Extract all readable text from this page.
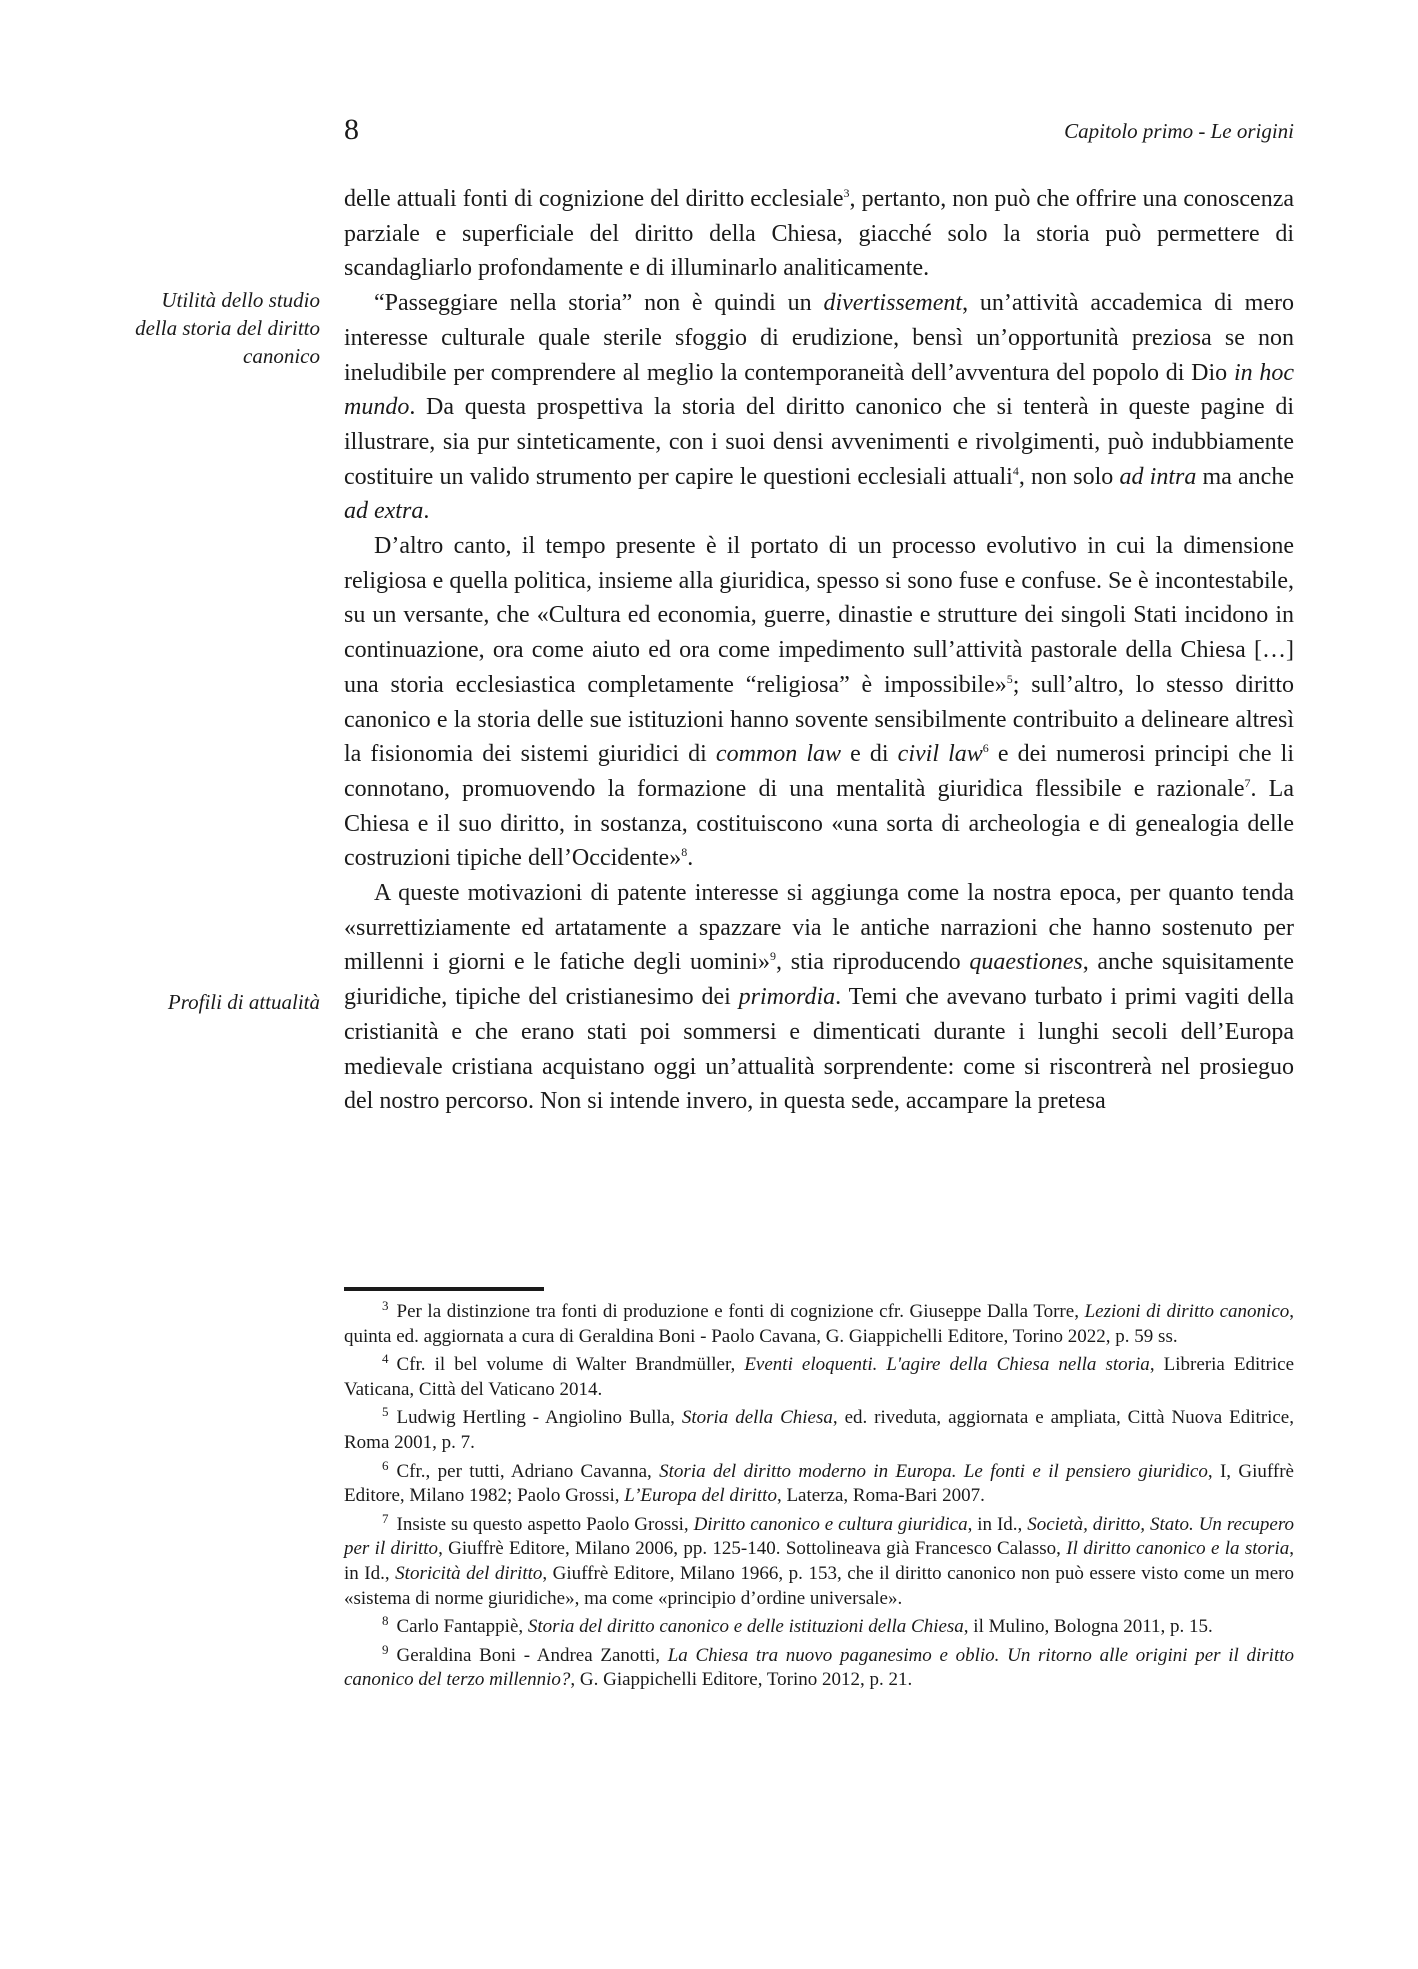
8	Capitolo primo - Le origini
Utilità dello studio
della storia del diritto
canonico
Profili di attualità

delle attuali fonti di cognizione del diritto ecclesiale$^3$, pertanto, non può che offrire una conoscenza parziale e superficiale del diritto della Chiesa, giacché solo la storia può permettere di scandagliarlo profondamente e di illuminarlo analiticamente.

“Passeggiare nella storia” non è quindi un divertissement, un’attività accademica di mero interesse culturale quale sterile sfoggio di erudizione, bensì un’opportunità preziosa se non ineludibile per comprendere al meglio la contemporaneità dell’avventura del popolo di Dio in hoc mundo. Da questa prospettiva la storia del diritto canonico che si tenterà in queste pagine di illustrare, sia pur sinteticamente, con i suoi densi avvenimenti e rivolgimenti, può indubbiamente costituire un valido strumento per capire le questioni ecclesiali attuali$^4$, non solo ad intra ma anche ad extra.

D’altro canto, il tempo presente è il portato di un processo evolutivo in cui la dimensione religiosa e quella politica, insieme alla giuridica, spesso si sono fuse e confuse. Se è incontestabile, su un versante, che «Cultura ed economia, guerre, dinastie e strutture dei singoli Stati incidono in continuazione, ora come aiuto ed ora come impedimento sull’attività pastorale della Chiesa […] una storia ecclesiastica completamente “religiosa” è impossibile»$^5$; sull’altro, lo stesso diritto canonico e la storia delle sue istituzioni hanno sovente sensibilmente contribuito a delineare altresì la fisionomia dei sistemi giuridici di common law e di civil law$^6$ e dei numerosi principi che li connotano, promuovendo la formazione di una mentalità giuridica flessibile e razionale$^7$. La Chiesa e il suo diritto, in sostanza, costituiscono «una sorta di archeologia e di genealogia delle costruzioni tipiche dell’Occidente»$^8$.

A queste motivazioni di patente interesse si aggiunga come la nostra epoca, per quanto tenda «surrettiziamente ed artatamente a spazzare via le antiche narrazioni che hanno sostenuto per millenni i giorni e le fatiche degli uomini»$^9$, stia riproducendo quaestiones, anche squisitamente giuridiche, tipiche del cristianesimo dei primordia. Temi che avevano turbato i primi vagiti della cristianità e che erano stati poi sommersi e dimenticati durante i lunghi secoli dell’Europa medievale cristiana acquistano oggi un’attualità sorprendente: come si riscontrerà nel prosieguo del nostro percorso. Non si intende invero, in questa sede, accampare la pretesa

$^3$ Per la distinzione tra fonti di produzione e fonti di cognizione cfr. Giuseppe Dalla Torre, Lezioni di diritto canonico, quinta ed. aggiornata a cura di Geraldina Boni - Paolo Cavana, G. Giappichelli Editore, Torino 2022, p. 59 ss.

$^4$ Cfr. il bel volume di Walter Brandmüller, Eventi eloquenti. L'agire della Chiesa nella storia, Libreria Editrice Vaticana, Città del Vaticano 2014.

$^5$ Ludwig Hertling - Angiolino Bulla, Storia della Chiesa, ed. riveduta, aggiornata e ampliata, Città Nuova Editrice, Roma 2001, p. 7.

$^6$ Cfr., per tutti, Adriano Cavanna, Storia del diritto moderno in Europa. Le fonti e il pensiero giuridico, I, Giuffrè Editore, Milano 1982; Paolo Grossi, L’Europa del diritto, Laterza, Roma-Bari 2007.

$^7$ Insiste su questo aspetto Paolo Grossi, Diritto canonico e cultura giuridica, in Id., Società, diritto, Stato. Un recupero per il diritto, Giuffrè Editore, Milano 2006, pp. 125-140. Sottolineava già Francesco Calasso, Il diritto canonico e la storia, in Id., Storicità del diritto, Giuffrè Editore, Milano 1966, p. 153, che il diritto canonico non può essere visto come un mero «sistema di norme giuridiche», ma come «principio d’ordine universale».

$^8$ Carlo Fantappiè, Storia del diritto canonico e delle istituzioni della Chiesa, il Mulino, Bologna 2011, p. 15.

$^9$ Geraldina Boni - Andrea Zanotti, La Chiesa tra nuovo paganesimo e oblio. Un ritorno alle origini per il diritto canonico del terzo millennio?, G. Giappichelli Editore, Torino 2012, p. 21.
